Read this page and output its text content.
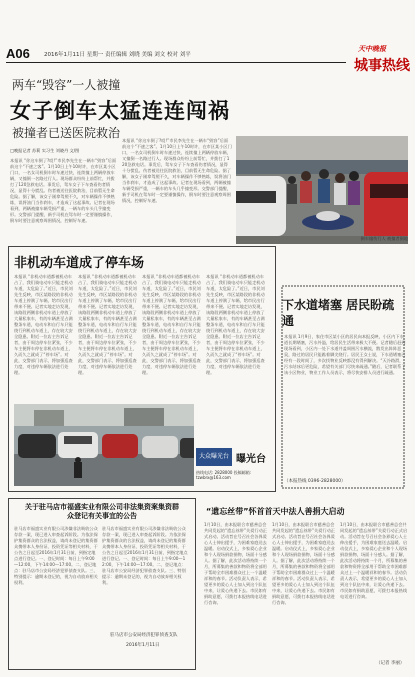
A06	2016年1月11日 星期一 责任编辑 刘晓 美编 刘文 校对 刘平
天中晚报
城事热线
两车“毁容”一人被撞
女子倒车太猛连连闯祸
被撞者已送医院救治
□晚报记者 苏莉 实习生 刘晓丹 文/图
本报讯 “你这车倒了?哎!”市民李先生在一辆车“毁容”后面前这个“不速之客”。1月10日上午10时许，在市区某小区门口，一名女司机倒车时车速过快，连续撞上两辆停放车辆，又撞倒一名路过行人。现场群众纷纷上前帮忙，并拨打了120急救电话。事发后，驾车女子下车查看伤者情况，显得十分慌乱。伤者被送往医院救治，目前暂无生命危险。据了解，该女子刚拿驾照不久，对车辆操作不够熟练，误将油门当作刹车，才造成了这起事故。记者在现场看到，两辆被撞车辆受损严重，一辆车的车头几乎撞变形。交警部门提醒，新手司机在驾车时一定要谨慎操作，倒车时要注意观察周围情况，控制好车速。
本报讯 “你这车倒了?哎!”市民李先生在一辆车“毁容”后面前这个“不速之客”。1月10日上午10时许，在市区某小区门口，一名女司机倒车时车速过快，连续撞上两辆停放车辆，又撞倒一名路过行人。现场群众纷纷上前帮忙，并拨打了120急救电话。事发后，驾车女子下车查看伤者情况，显得十分慌乱。伤者被送往医院救治，目前暂无生命危险。据了解，该女子刚拿驾照不久，对车辆操作不够熟练，误将油门当作刹车，才造成了这起事故。记者在现场看到，两辆被撞车辆受损严重，一辆车的车头几乎撞变形。交警部门提醒，新手司机在驾车时一定要谨慎操作，倒车时要注意观察周围情况，控制好车速。
倒车撞伤行人 被撞者倒地
非机动车道成了停车场
本报讯 “非机动车道都被机动车占了，我们骑电动车只能走机动车道，太危险了。”近日，市民刘先生反映，市区某路段的非机动车道上停满了车辆，给市民出行带来不便。记者实地走访发现，该路段两侧非机动车道上停放了大量私家车，有的车辆甚至占满整条车道，电动车和自行车只能绕行到机动车道上，存在较大安全隐患。附近一位店主告诉记者，由于周边停车位紧张，不少车主便将车停在非机动车道上，久而久之就成了“停车场”。对此，交警部门表示，将加强巡查力度，对违停车辆依法进行处理。
本报讯 “非机动车道都被机动车占了，我们骑电动车只能走机动车道，太危险了。”近日，市民刘先生反映，市区某路段的非机动车道上停满了车辆，给市民出行带来不便。记者实地走访发现，该路段两侧非机动车道上停放了大量私家车，有的车辆甚至占满整条车道，电动车和自行车只能绕行到机动车道上，存在较大安全隐患。附近一位店主告诉记者，由于周边停车位紧张，不少车主便将车停在非机动车道上，久而久之就成了“停车场”。对此，交警部门表示，将加强巡查力度，对违停车辆依法进行处理。
本报讯 “非机动车道都被机动车占了，我们骑电动车只能走机动车道，太危险了。”近日，市民刘先生反映，市区某路段的非机动车道上停满了车辆，给市民出行带来不便。记者实地走访发现，该路段两侧非机动车道上停放了大量私家车，有的车辆甚至占满整条车道，电动车和自行车只能绕行到机动车道上，存在较大安全隐患。附近一位店主告诉记者，由于周边停车位紧张，不少车主便将车停在非机动车道上，久而久之就成了“停车场”。对此，交警部门表示，将加强巡查力度，对违停车辆依法进行处理。
本报讯 “非机动车道都被机动车占了，我们骑电动车只能走机动车道，太危险了。”近日，市民刘先生反映，市区某路段的非机动车道上停满了车辆，给市民出行带来不便。记者实地走访发现，该路段两侧非机动车道上停放了大量私家车，有的车辆甚至占满整条车道，电动车和自行车只能绕行到机动车道上，存在较大安全隐患。附近一位店主告诉记者，由于周边停车位紧张，不少车主便将车停在非机动车道上，久而久之就成了“停车场”。对此，交警部门表示，将加强巡查力度，对违停车辆依法进行处理。
大众曝光台 曝光台
热线电话: 2828000 投稿邮箱: tzwbrx@163.com
下水道堵塞 居民盼疏通
本报讯 1月9日，家住市区某小区的居民向本报反映，小区内下水道长期堵塞，污水外溢，给居民生活带来极大不便。记者随后赶到现场看到，小区内一处下水道井盖周围污水横流，散发出阵阵恶臭，路过的居民只能踮着脚尖绕行。居民王女士说，下水道堵塞已经有一段时间了，多次找物业反映都没有得到解决。“天冷路滑，污水结冰后更危险，希望有关部门尽快来疏通。”随后，记者联系了该小区物业，物业工作人员表示，将尽快安排人员进行疏通。
（本报热线 0396-2828000）
关于驻马店市福盛实业有限公司非法集资案集资群众登记有关事宜的公告
驻马店市福盛实业有限公司涉嫌非法吸收公众存款一案，现已进入审查起诉阶段。为依法保护集资群众的合法权益，请尚未登记的集资群众携带本人身份证、投资凭证等相关材料，于公告之日起至2016年1月31日前，到指定地点进行登记。一、登记时间：每日上午9:00—12:00，下午14:00—17:00。二、登记地点：驻马店市公安局经济犯罪侦查支队。三、特别提示：逾期未登记的，视为自动放弃相关权利。
驻马店市福盛实业有限公司涉嫌非法吸收公众存款一案，现已进入审查起诉阶段。为依法保护集资群众的合法权益，请尚未登记的集资群众携带本人身份证、投资凭证等相关材料，于公告之日起至2016年1月31日前，到指定地点进行登记。一、登记时间：每日上午9:00—12:00，下午14:00—17:00。二、登记地点：驻马店市公安局经济犯罪侦查支队。三、特别提示：逾期未登记的，视为自动放弃相关权利。
驻马店市公安局经济犯罪侦查支队
2016年1月11日
“遗忘丝带”怀首首天中法人善捐大启动
1月10日，由本报联合市慈善总会共同发起的“遗忘丝带”关爱行动正式启动。活动旨在号召社会各界爱心人士伸出援手，为困难家庭送去温暖。启动仪式上，多家爱心企业和个人现场捐款捐物，场面十分感人。据了解，此次活动将持续一个月，所募集的善款和物资将全部用于帮助全市困难群众过上一个温暖祥和的春节。活动负责人表示，希望更多的爱心人士加入到这个队伍中来，让爱心传递下去。市民如有捐助意愿，可拨打本报热线电话进行咨询。
1月10日，由本报联合市慈善总会共同发起的“遗忘丝带”关爱行动正式启动。活动旨在号召社会各界爱心人士伸出援手，为困难家庭送去温暖。启动仪式上，多家爱心企业和个人现场捐款捐物，场面十分感人。据了解，此次活动将持续一个月，所募集的善款和物资将全部用于帮助全市困难群众过上一个温暖祥和的春节。活动负责人表示，希望更多的爱心人士加入到这个队伍中来，让爱心传递下去。市民如有捐助意愿，可拨打本报热线电话进行咨询。
1月10日，由本报联合市慈善总会共同发起的“遗忘丝带”关爱行动正式启动。活动旨在号召社会各界爱心人士伸出援手，为困难家庭送去温暖。启动仪式上，多家爱心企业和个人现场捐款捐物，场面十分感人。据了解，此次活动将持续一个月，所募集的善款和物资将全部用于帮助全市困难群众过上一个温暖祥和的春节。活动负责人表示，希望更多的爱心人士加入到这个队伍中来，让爱心传递下去。市民如有捐助意愿，可拨打本报热线电话进行咨询。
（记者 李丽）
